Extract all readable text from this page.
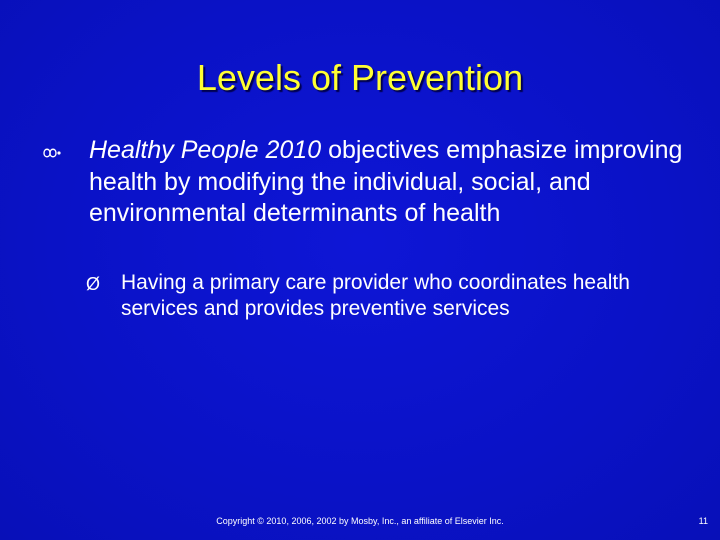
Levels of Prevention
Healthy People 2010 objectives emphasize improving health by modifying the individual, social, and environmental determinants of health
Ø Having a primary care provider who coordinates health services and provides preventive services
Copyright © 2010, 2006, 2002 by Mosby, Inc., an affiliate of Elsevier Inc.	11
